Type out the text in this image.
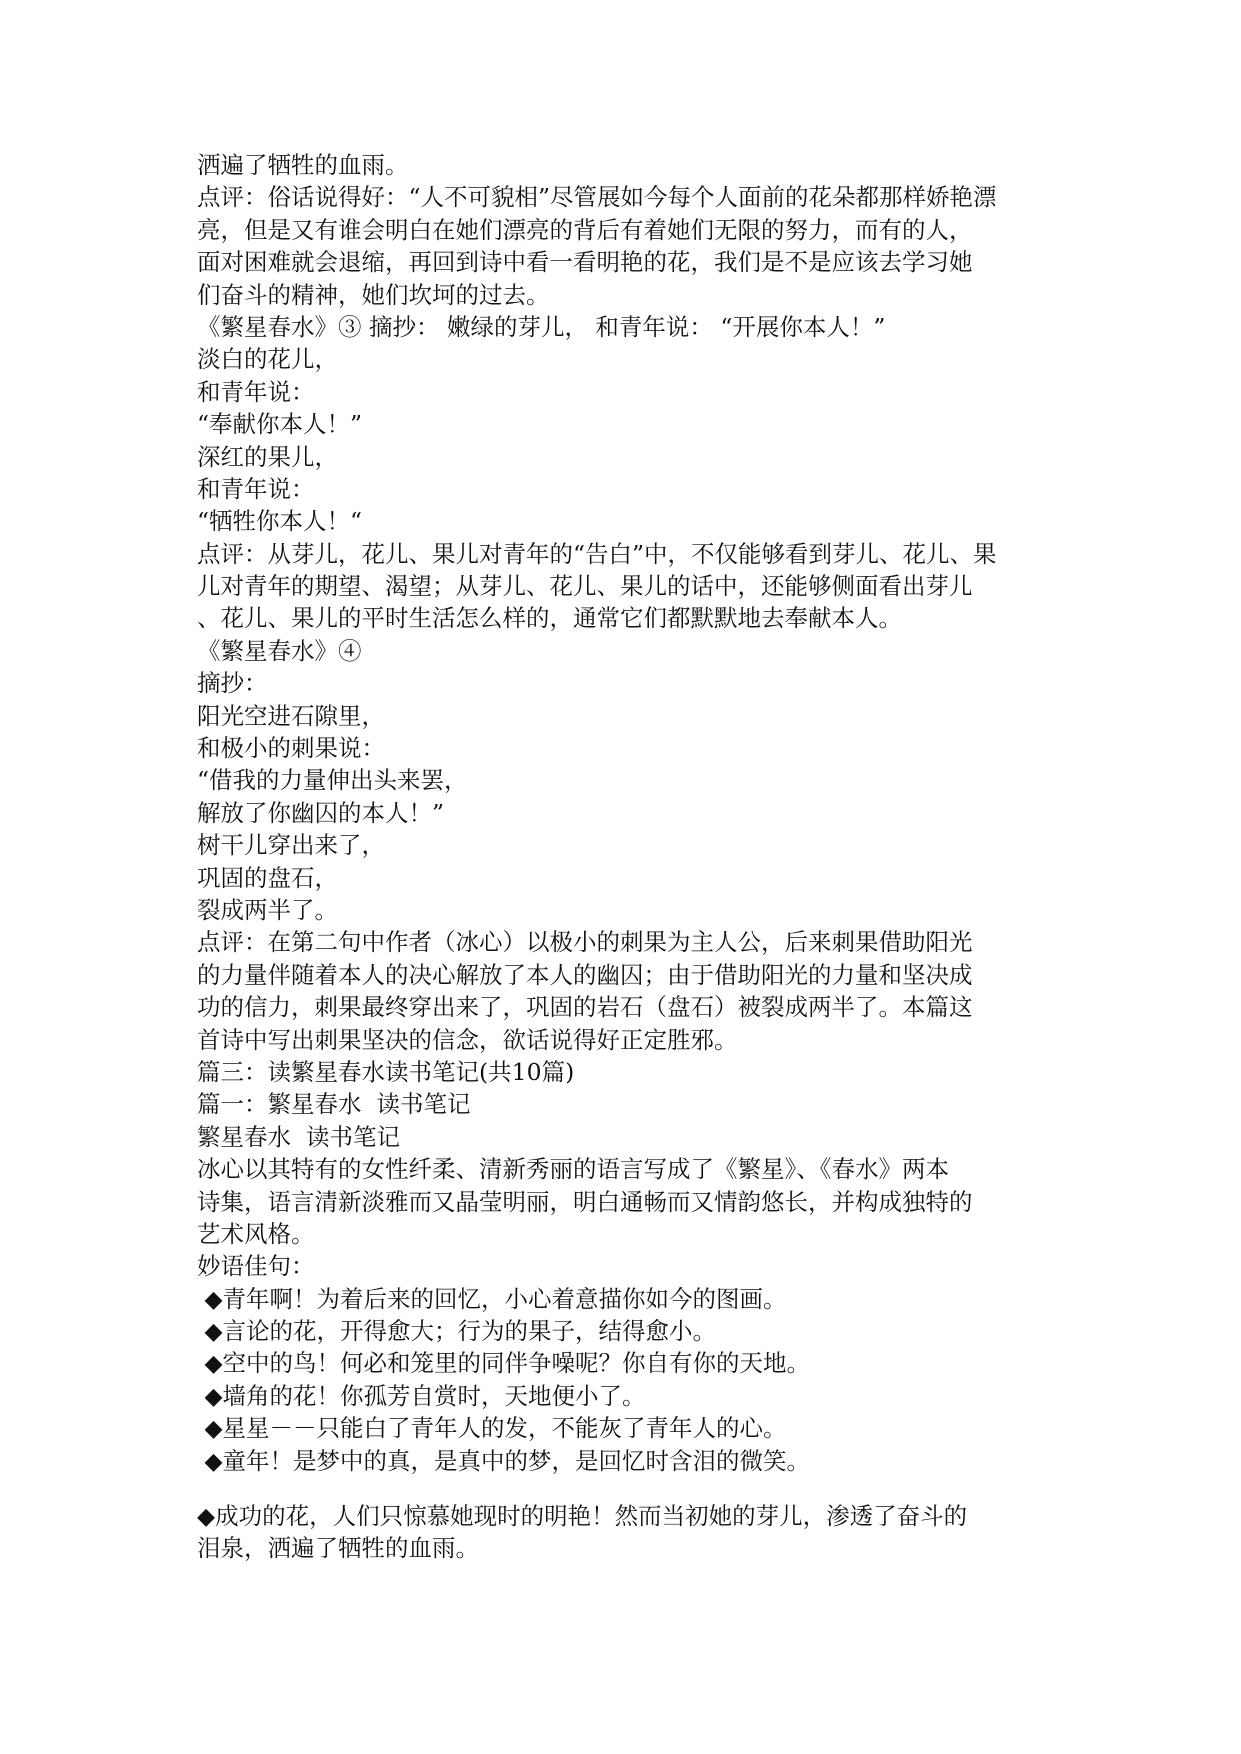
洒遍了牺牲的血雨。
点评：俗话说得好：“人不可貌相”尽管展如今每个人面前的花朵都那样娇艳漂
亮，但是又有谁会明白在她们漂亮的背后有着她们无限的努力，而有的人，
面对困难就会退缩，再回到诗中看一看明艳的花，我们是不是应该去学习她
们奋斗的精神，她们坎坷的过去。
《繁星春水》③ 摘抄： 嫩绿的芽儿， 和青年说： “开展你本人！”
淡白的花儿，
和青年说：
“奉献你本人！”
深红的果儿，
和青年说：
“牺牲你本人！“
点评：从芽儿，花儿、果儿对青年的“告白”中，不仅能够看到芽儿、花儿、果
儿对青年的期望、渴望；从芽儿、花儿、果儿的话中，还能够侧面看出芽儿
、花儿、果儿的平时生活怎么样的，通常它们都默默地去奉献本人。
《繁星春水》④
摘抄：
阳光空进石隙里，
和极小的刺果说：
“借我的力量伸出头来罢，
解放了你幽囚的本人！”
树干儿穿出来了，
巩固的盘石，
裂成两半了。
点评：在第二句中作者（冰心）以极小的刺果为主人公，后来刺果借助阳光
的力量伴随着本人的决心解放了本人的幽囚；由于借助阳光的力量和坚决成
功的信力，刺果最终穿出来了，巩固的岩石（盘石）被裂成两半了。本篇这
首诗中写出刺果坚决的信念，欲话说得好正定胜邪。
篇三：读繁星春水读书笔记(共10篇)
篇一：繁星春水  读书笔记
繁星春水  读书笔记
冰心以其特有的女性纤柔、清新秀丽的语言写成了《繁星》、《春水》两本
诗集，语言清新淡雅而又晶莹明丽，明白通畅而又情韵悠长，并构成独特的
艺术风格。
妙语佳句：
◆青年啊！为着后来的回忆，小心着意描你如今的图画。
◆言论的花，开得愈大；行为的果子，结得愈小。
◆空中的鸟！何必和笼里的同伴争噪呢？你自有你的天地。
◆墙角的花！你孤芳自赏时，天地便小了。
◆星星－－只能白了青年人的发，不能灰了青年人的心。
◆童年！是梦中的真，是真中的梦，是回忆时含泪的微笑。
◆成功的花，人们只惊慕她现时的明艳！然而当初她的芽儿，渗透了奋斗的
泪泉，洒遍了牺牲的血雨。
